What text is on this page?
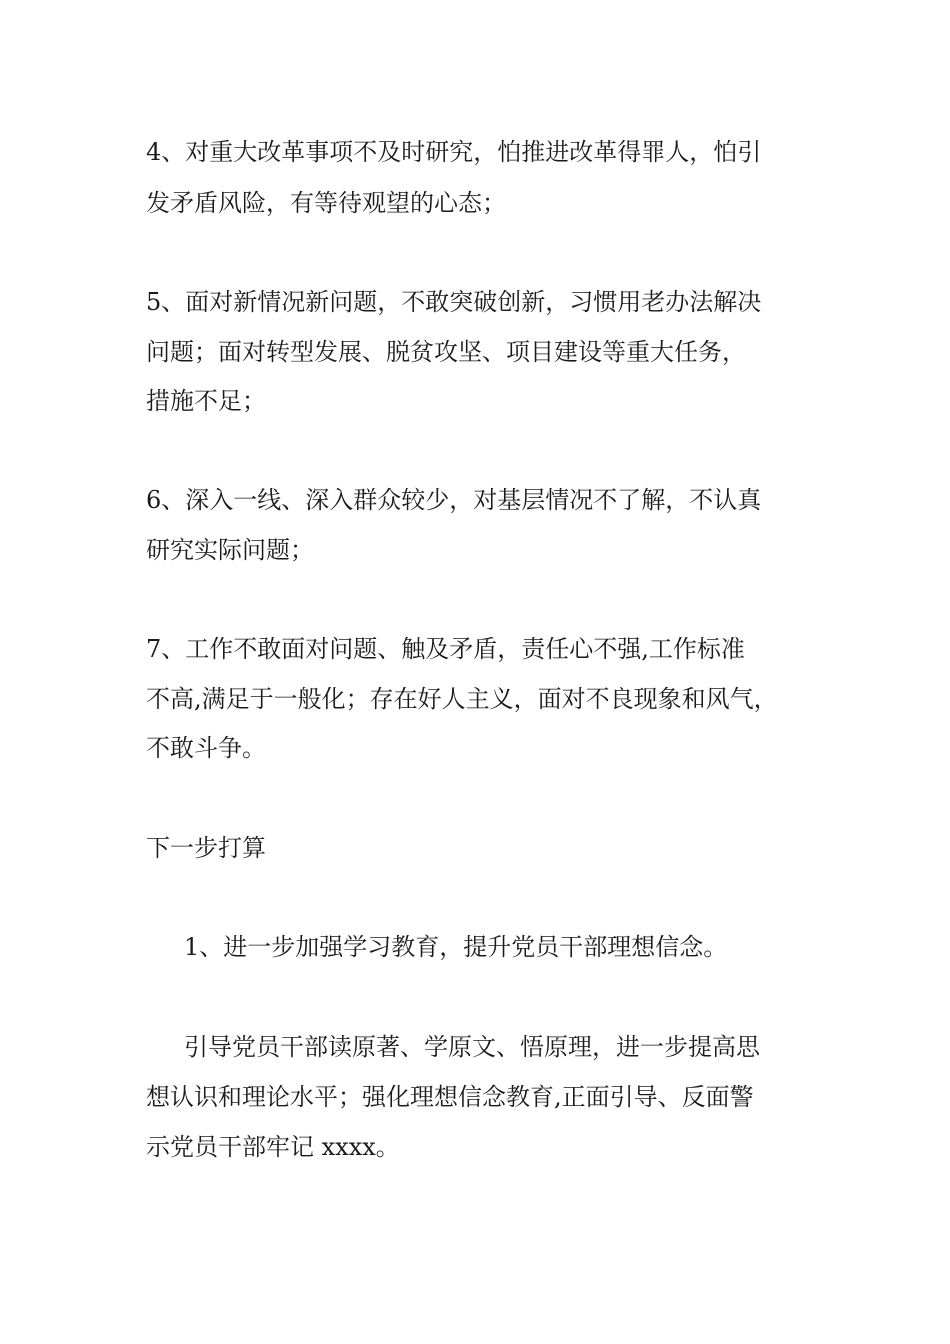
4、对重大改革事项不及时研究，怕推进改革得罪人，怕引
发矛盾风险，有等待观望的心态；
5、面对新情况新问题，不敢突破创新，习惯用老办法解决
问题；面对转型发展、脱贫攻坚、项目建设等重大任务，
措施不足；
6、深入一线、深入群众较少，对基层情况不了解，不认真
研究实际问题；
7、工作不敢面对问题、触及矛盾，责任心不强,工作标准
不高,满足于一般化；存在好人主义，面对不良现象和风气，
不敢斗争。
下一步打算
1、进一步加强学习教育，提升党员干部理想信念。
引导党员干部读原著、学原文、悟原理，进一步提高思
想认识和理论水平；强化理想信念教育,正面引导、反面警
示党员干部牢记 xxxx。
